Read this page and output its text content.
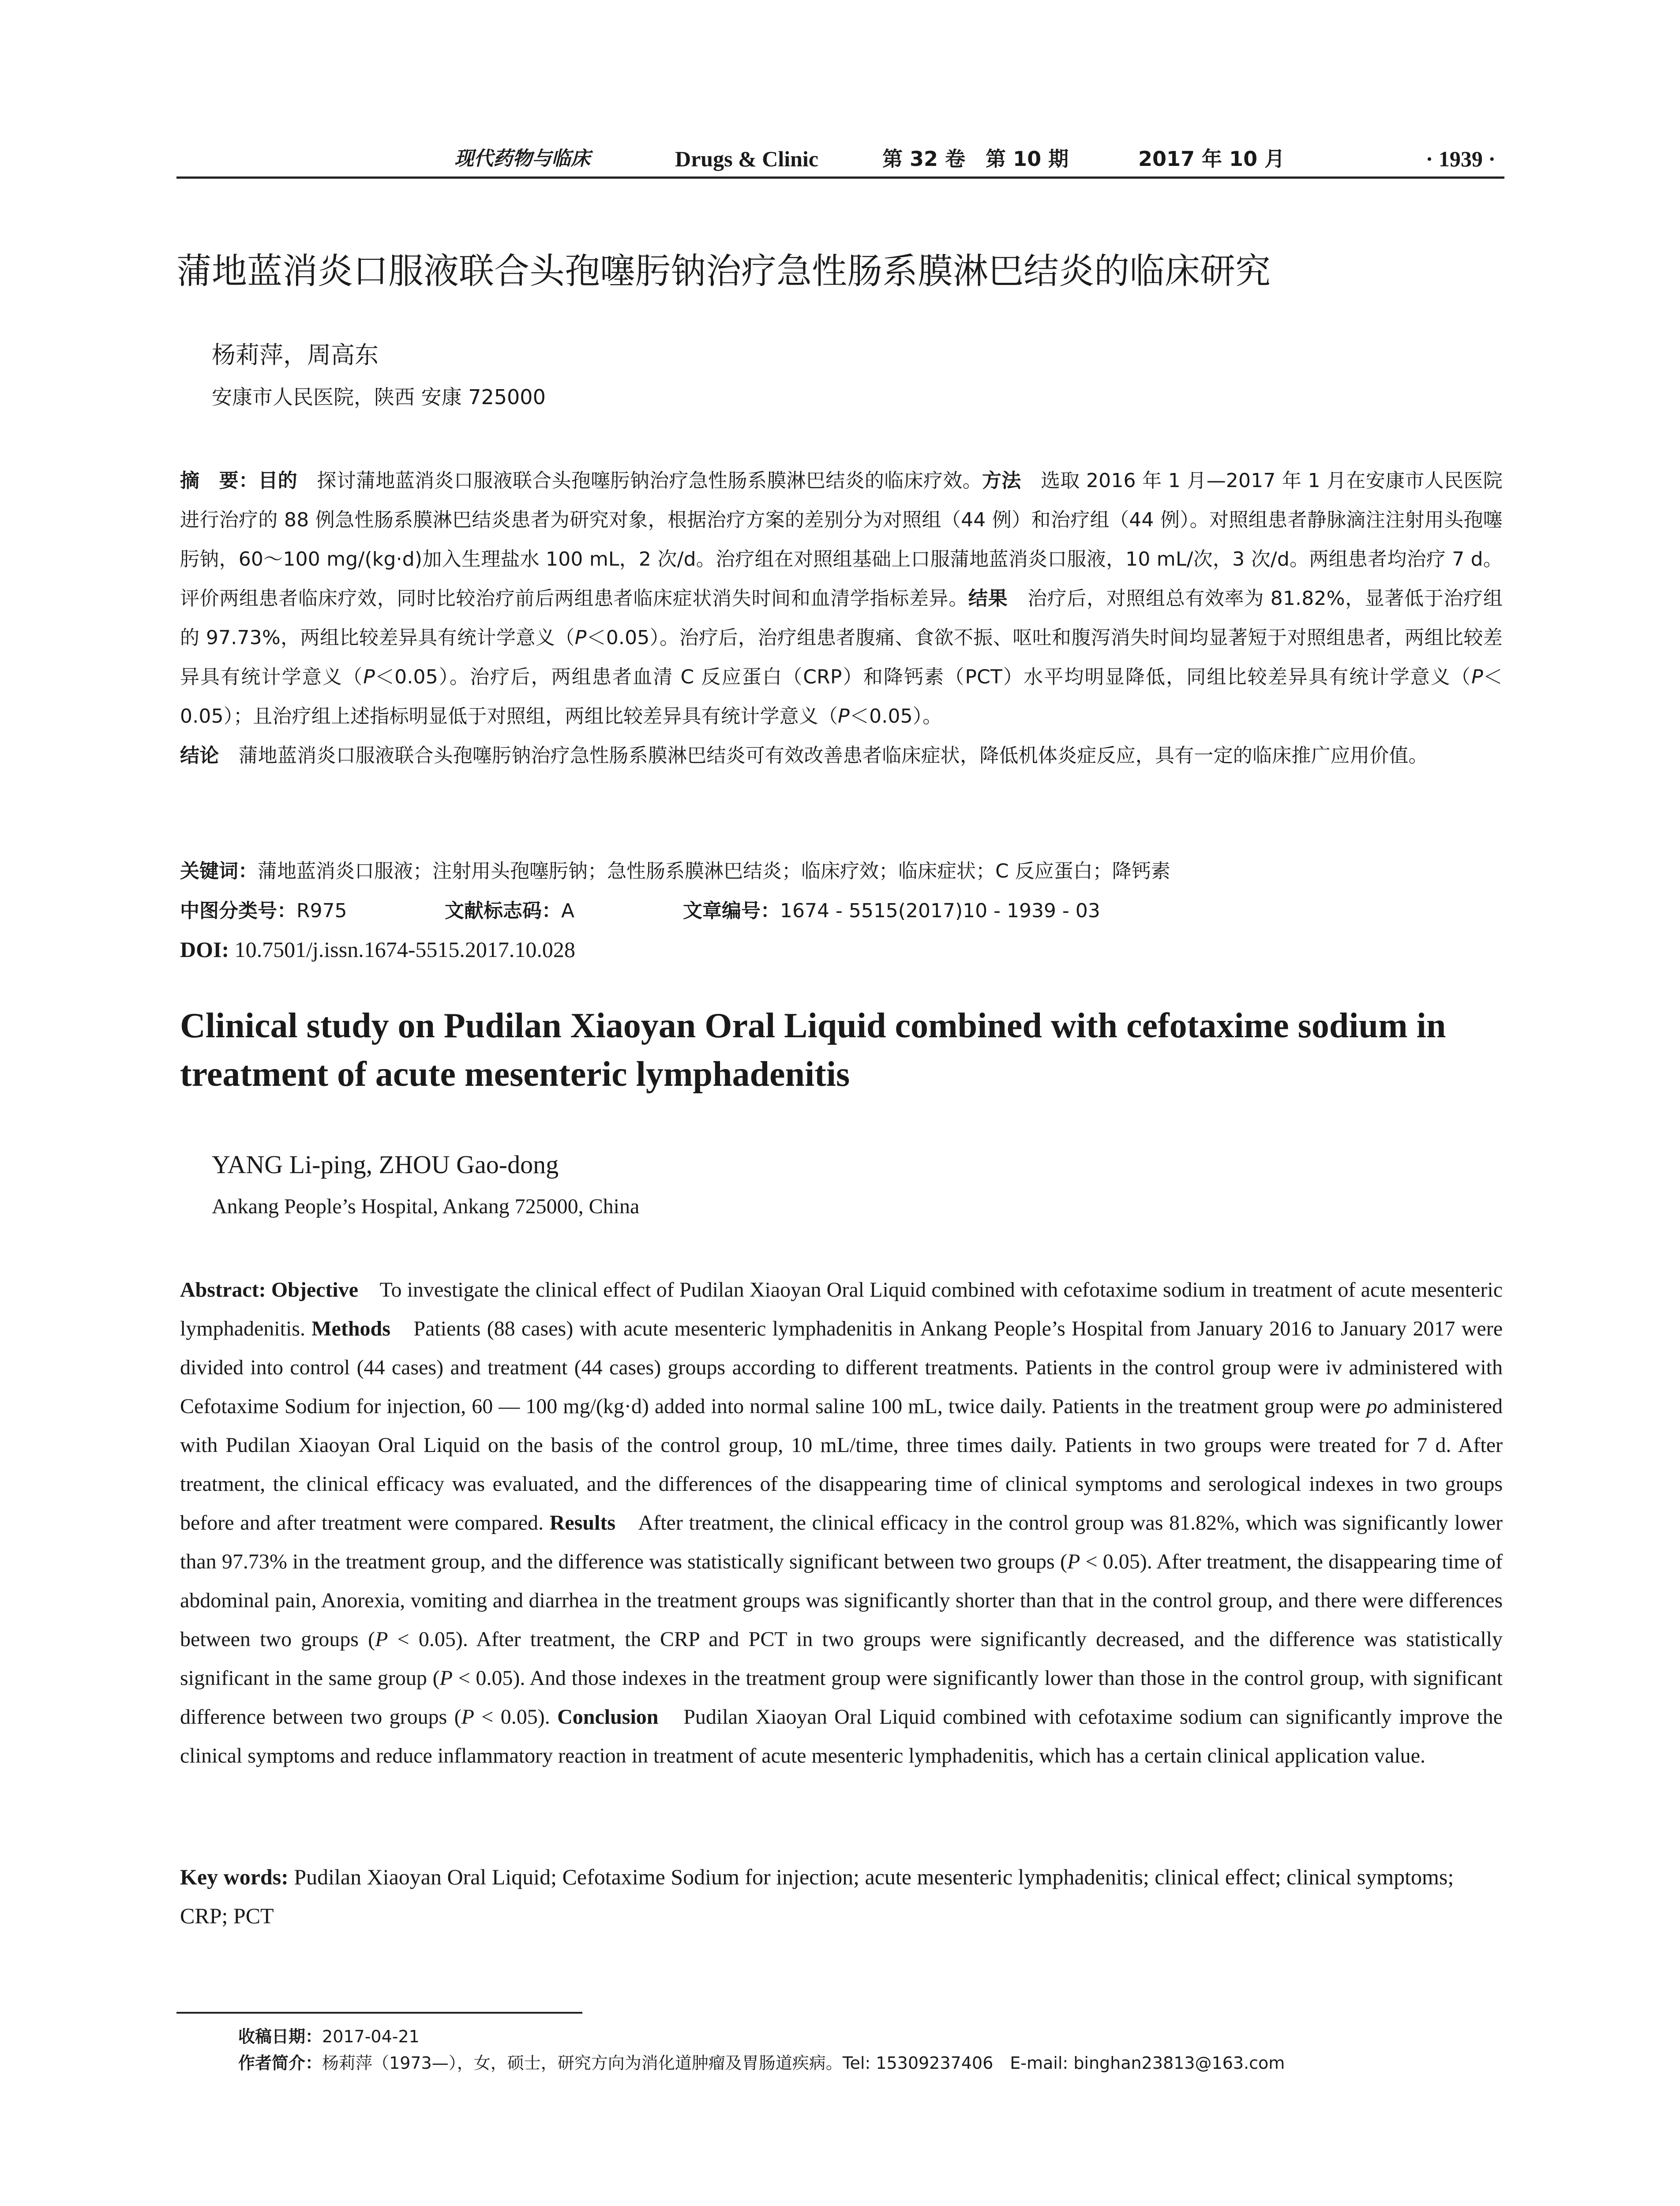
现代药物与临床	Drugs & Clinic	第 32 卷　第 10 期	2017 年 10 月	· 1939 ·
蒲地蓝消炎口服液联合头孢噻肟钠治疗急性肠系膜淋巴结炎的临床研究
杨莉萍，周高东
安康市人民医院，陕西 安康 725000
摘　要：目的　探讨蒲地蓝消炎口服液联合头孢噻肟钠治疗急性肠系膜淋巴结炎的临床疗效。方法　选取 2016 年 1 月—2017 年 1 月在安康市人民医院进行治疗的 88 例急性肠系膜淋巴结炎患者为研究对象，根据治疗方案的差别分为对照组（44 例）和治疗组（44 例）。对照组患者静脉滴注注射用头孢噻肟钠，60～100 mg/(kg·d)加入生理盐水 100 mL，2 次/d。治疗组在对照组基础上口服蒲地蓝消炎口服液，10 mL/次，3 次/d。两组患者均治疗 7 d。评价两组患者临床疗效，同时比较治疗前后两组患者临床症状消失时间和血清学指标差异。结果　治疗后，对照组总有效率为 81.82%，显著低于治疗组的 97.73%，两组比较差异具有统计学意义（P＜0.05）。治疗后，治疗组患者腹痛、食欲不振、呕吐和腹泻消失时间均显著短于对照组患者，两组比较差异具有统计学意义（P＜0.05）。治疗后，两组患者血清 C 反应蛋白（CRP）和降钙素（PCT）水平均明显降低，同组比较差异具有统计学意义（P＜0.05）；且治疗组上述指标明显低于对照组，两组比较差异具有统计学意义（P＜0.05）。
结论　蒲地蓝消炎口服液联合头孢噻肟钠治疗急性肠系膜淋巴结炎可有效改善患者临床症状，降低机体炎症反应，具有一定的临床推广应用价值。
关键词：蒲地蓝消炎口服液；注射用头孢噻肟钠；急性肠系膜淋巴结炎；临床疗效；临床症状；C 反应蛋白；降钙素
中图分类号：R975	文献标志码：A	文章编号：1674 - 5515(2017)10 - 1939 - 03
DOI: 10.7501/j.issn.1674-5515.2017.10.028
Clinical study on Pudilan Xiaoyan Oral Liquid combined with cefotaxime sodium in treatment of acute mesenteric lymphadenitis
YANG Li-ping, ZHOU Gao-dong
Ankang People’s Hospital, Ankang 725000, China
Abstract: Objective　To investigate the clinical effect of Pudilan Xiaoyan Oral Liquid combined with cefotaxime sodium in treatment of acute mesenteric lymphadenitis. Methods　Patients (88 cases) with acute mesenteric lymphadenitis in Ankang People’s Hospital from January 2016 to January 2017 were divided into control (44 cases) and treatment (44 cases) groups according to different treatments. Patients in the control group were iv administered with Cefotaxime Sodium for injection, 60 — 100 mg/(kg·d) added into normal saline 100 mL, twice daily. Patients in the treatment group were po administered with Pudilan Xiaoyan Oral Liquid on the basis of the control group, 10 mL/time, three times daily. Patients in two groups were treated for 7 d. After treatment, the clinical efficacy was evaluated, and the differences of the disappearing time of clinical symptoms and serological indexes in two groups before and after treatment were compared. Results　After treatment, the clinical efficacy in the control group was 81.82%, which was significantly lower than 97.73% in the treatment group, and the difference was statistically significant between two groups (P < 0.05). After treatment, the disappearing time of abdominal pain, Anorexia, vomiting and diarrhea in the treatment groups was significantly shorter than that in the control group, and there were differences between two groups (P < 0.05). After treatment, the CRP and PCT in two groups were significantly decreased, and the difference was statistically significant in the same group (P < 0.05). And those indexes in the treatment group were significantly lower than those in the control group, with significant difference between two groups (P < 0.05). Conclusion　Pudilan Xiaoyan Oral Liquid combined with cefotaxime sodium can significantly improve the clinical symptoms and reduce inflammatory reaction in treatment of acute mesenteric lymphadenitis, which has a certain clinical application value.
Key words: Pudilan Xiaoyan Oral Liquid; Cefotaxime Sodium for injection; acute mesenteric lymphadenitis; clinical effect; clinical symptoms; CRP; PCT
收稿日期：2017-04-21
作者简介：杨莉萍（1973—），女，硕士，研究方向为消化道肿瘤及胃肠道疾病。Tel: 15309237406　E-mail: binghan23813@163.com
